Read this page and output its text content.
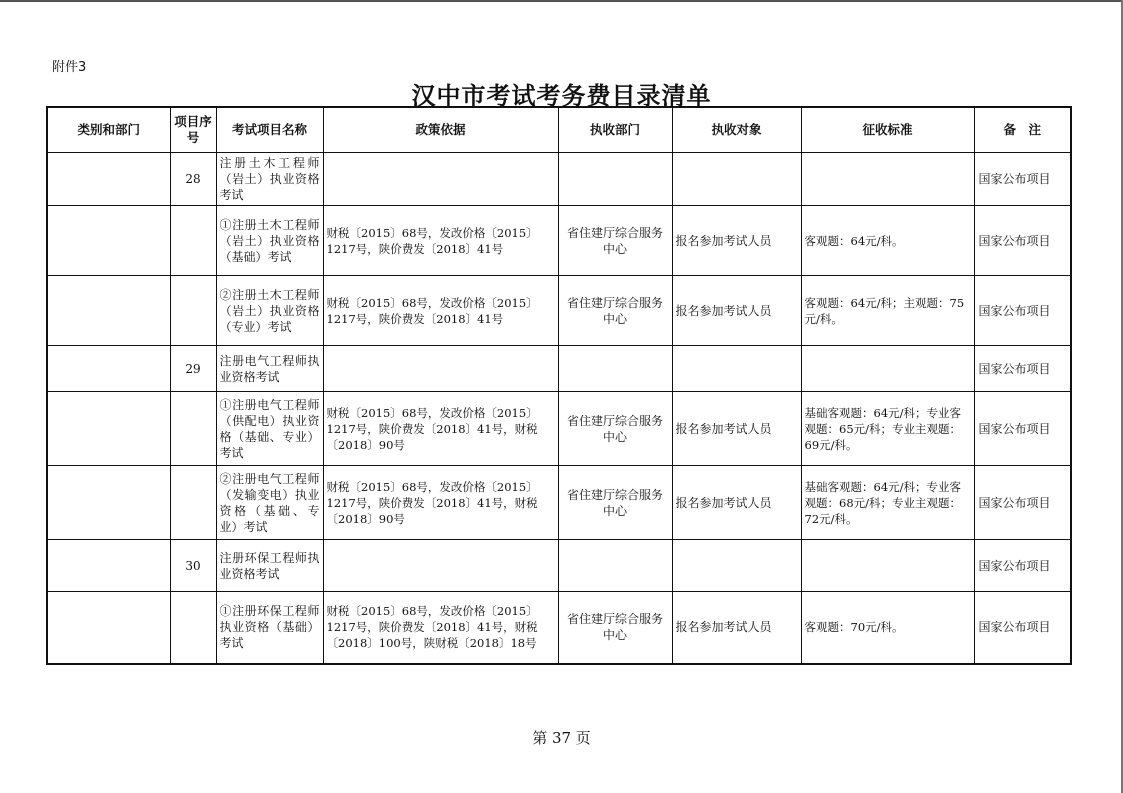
附件3
汉中市考试考务费目录清单
类别和部门	项目序号	考试项目名称	政策依据	执收部门	执收对象	征收标准	备　注
	28	注册土木工程师（岩土）执业资格考试					国家公布项目
		①注册土木工程师（岩土）执业资格（基础）考试	财税〔2015〕68号，发改价格〔2015〕1217号，陕价费发〔2018〕41号	省住建厅综合服务中心	报名参加考试人员	客观题：64元/科。	国家公布项目
		②注册土木工程师（岩土）执业资格（专业）考试	财税〔2015〕68号，发改价格〔2015〕1217号，陕价费发〔2018〕41号	省住建厅综合服务中心	报名参加考试人员	客观题：64元/科；主观题：75元/科。	国家公布项目
	29	注册电气工程师执业资格考试					国家公布项目
		①注册电气工程师（供配电）执业资格（基础、专业）考试	财税〔2015〕68号，发改价格〔2015〕1217号，陕价费发〔2018〕41号，财税〔2018〕90号	省住建厅综合服务中心	报名参加考试人员	基础客观题：64元/科；专业客观题：65元/科；专业主观题：69元/科。	国家公布项目
		②注册电气工程师（发输变电）执业资格（基础、专业）考试	财税〔2015〕68号，发改价格〔2015〕1217号，陕价费发〔2018〕41号，财税〔2018〕90号	省住建厅综合服务中心	报名参加考试人员	基础客观题：64元/科；专业客观题：68元/科；专业主观题：72元/科。	国家公布项目
	30	注册环保工程师执业资格考试					国家公布项目
		①注册环保工程师执业资格（基础）考试	财税〔2015〕68号，发改价格〔2015〕1217号，陕价费发〔2018〕41号，财税〔2018〕100号，陕财税〔2018〕18号	省住建厅综合服务中心	报名参加考试人员	客观题：70元/科。	国家公布项目
第 37 页
